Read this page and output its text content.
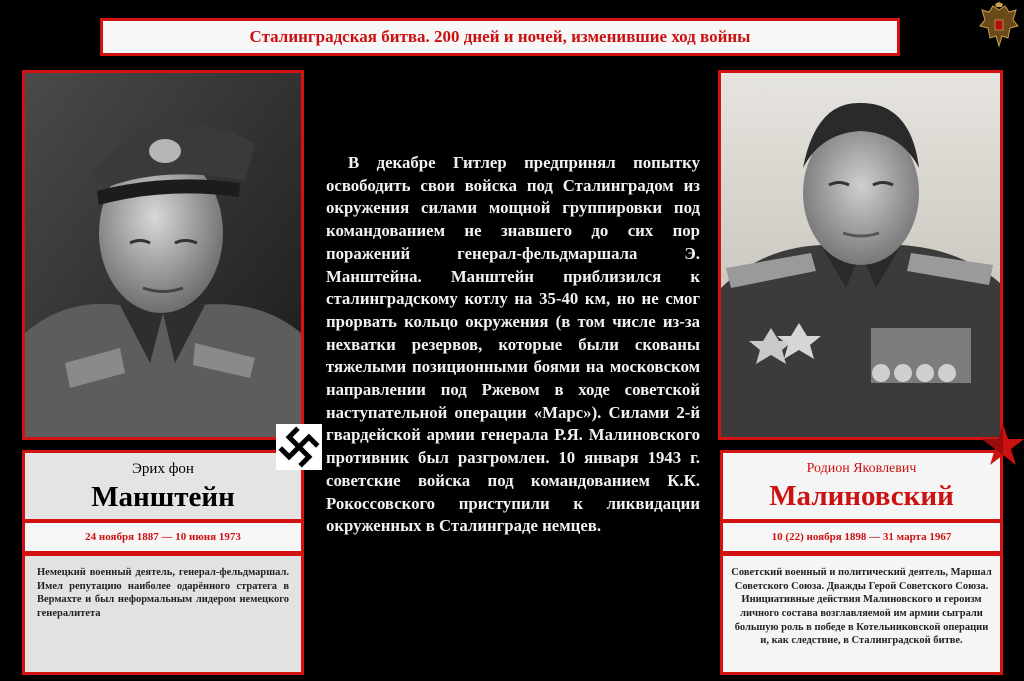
Сталинградская битва. 200 дней и ночей, изменившие ход войны
Эрих фон
Манштейн
24 ноября 1887 — 10 июня 1973
Немецкий военный деятель, генерал-фельдмаршал. Имел репутацию наиболее одарённого стратега в Вермахте и был неформальным лидером немецкого генералитета
Родион Яковлевич
Малиновский
10 (22) ноября 1898 — 31 марта 1967
Советский военный и политический деятель, Маршал Советского Союза. Дважды Герой Советского Союза. Инициативные действия Малиновского и героизм личного состава возглавляемой им армии сыграли большую роль в победе в Котельниковской операции и, как следствие, в Сталинградской битве.
В декабре Гитлер предпринял попытку освободить свои войска под Сталинградом из окружения силами мощной группировки под командованием не знавшего до сих пор поражений генерал-фельдмаршала Э. Манштейна. Манштейн приблизился к сталинградскому котлу на 35-40 км, но не смог прорвать кольцо окружения (в том числе из-за нехватки резервов, которые были скованы тяжелыми позиционными боями на московском направлении под Ржевом в ходе советской наступательной операции «Марс»). Силами 2-й гвардейской армии генерала Р.Я. Малиновского противник был разгромлен. 10 января 1943 г. советские войска под командованием К.К. Рокоссовского приступили к ликвидации окруженных в Сталинграде немцев.
